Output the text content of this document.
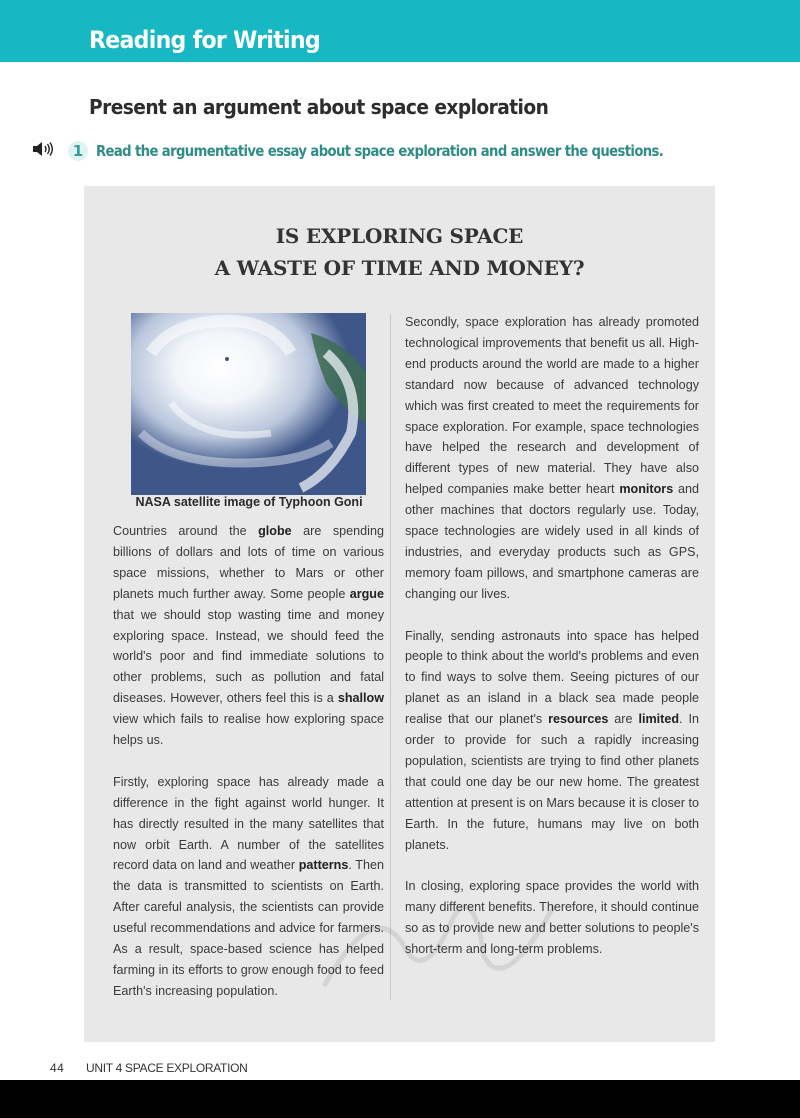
Reading for Writing
Present an argument about space exploration
1 Read the argumentative essay about space exploration and answer the questions.
IS EXPLORING SPACE
A WASTE OF TIME AND MONEY?
NASA satellite image of Typhoon Goni

Countries around the globe are spending billions of dollars and lots of time on various space missions, whether to Mars or other planets much further away. Some people argue that we should stop wasting time and money exploring space. Instead, we should feed the world's poor and find immediate solutions to other problems, such as pollution and fatal diseases. However, others feel this is a shallow view which fails to realise how exploring space helps us.

Firstly, exploring space has already made a difference in the fight against world hunger. It has directly resulted in the many satellites that now orbit Earth. A number of the satellites record data on land and weather patterns. Then the data is transmitted to scientists on Earth. After careful analysis, the scientists can provide useful recommendations and advice for farmers. As a result, space-based science has helped farming in its efforts to grow enough food to feed Earth's increasing population.

Secondly, space exploration has already promoted technological improvements that benefit us all. High-end products around the world are made to a higher standard now because of advanced technology which was first created to meet the requirements for space exploration. For example, space technologies have helped the research and development of different types of new material. They have also helped companies make better heart monitors and other machines that doctors regularly use. Today, space technologies are widely used in all kinds of industries, and everyday products such as GPS, memory foam pillows, and smartphone cameras are changing our lives.

Finally, sending astronauts into space has helped people to think about the world's problems and even to find ways to solve them. Seeing pictures of our planet as an island in a black sea made people realise that our planet's resources are limited. In order to provide for such a rapidly increasing population, scientists are trying to find other planets that could one day be our new home. The greatest attention at present is on Mars because it is closer to Earth. In the future, humans may live on both planets.

In closing, exploring space provides the world with many different benefits. Therefore, it should continue so as to provide new and better solutions to people's short-term and long-term problems.

44	UNIT 4 SPACE EXPLORATION
